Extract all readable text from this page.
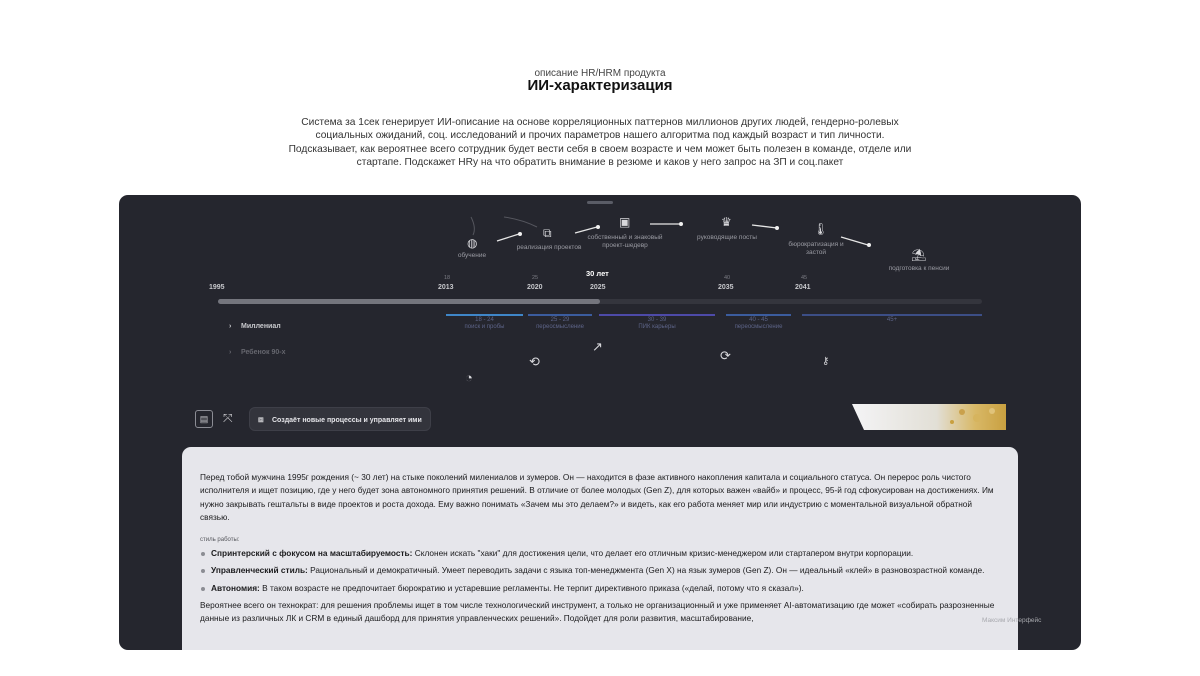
описание HR/HRM продукта
ИИ-характеризация
Система за 1сек генерирует ИИ-описание на основе корреляционных паттернов миллионов других людей, гендерно-ролевых социальных ожиданий, соц. исследований и прочих параметров нашего алгоритма под каждый возраст и тип личности. Подсказывает, как вероятнее всего сотрудник будет вести себя в своем возрасте и чем может быть полезен в команде, отделе или стартапе. Подскажет HRу на что обратить внимание в резюме и каков у него запрос на ЗП и соц.пакет
◍
обучение
⧉
реализация проектов
▣
собственный и знаковый проект-шедевр
♛
руководящие посты
🌡
бюрократизация и застой	⛱
подготовка к пенсии
18	25	40	45
30 лет
1995	2013	2020	2025	2035	2041
18 - 24
поиск и пробы
25 - 29
переосмысление
30 - 39
ПИК карьеры
40 - 45
переосмысление
45+
› Миллениал
› Ребенок 90-х
◔
⟲
↗
⟳	⚷
▤	⤧	⧈ Создаёт новые процессы и управляет ими

Перед тобой мужчина 1995г рождения (~ 30 лет) на стыке поколений милениалов и зумеров. Он — находится в фазе активного накопления капитала и социального статуса. Он перерос роль чистого исполнителя и ищет позицию, где у него будет зона автономного принятия решений. В отличие от более молодых (Gen Z), для которых важен «вайб» и процесс, 95-й год сфокусирован на достижениях. Им нужно закрывать гештальты в виде проектов и роста дохода. Ему важно понимать «Зачем мы это делаем?» и видеть, как его работа меняет мир или индустрию с моментальной визуальной обратной связью.

стиль работы:
Спринтерский с фокусом на масштабируемость: Склонен искать "хаки" для достижения цели, что делает его отличным кризис-менеджером или стартапером внутри корпорации.
Управленческий стиль: Рациональный и демократичный. Умеет переводить задачи с языка топ-менеджмента (Gen X) на язык зумеров (Gen Z). Он — идеальный «клей» в разновозрастной команде.
Автономия: В таком возрасте не предпочитает бюрократию и устаревшие регламенты. Не терпит директивного приказа («делай, потому что я сказал»).

Вероятнее всего он технократ: для решения проблемы ищет в том числе технологический инструмент, а только не организационный и уже применяет AI-автоматизацию где может «собирать разрозненные данные из различных ЛК и CRM в единый дашборд для принятия управленческих решений». Подойдет для роли развития, масштабирование,	Максим Интерфейс
